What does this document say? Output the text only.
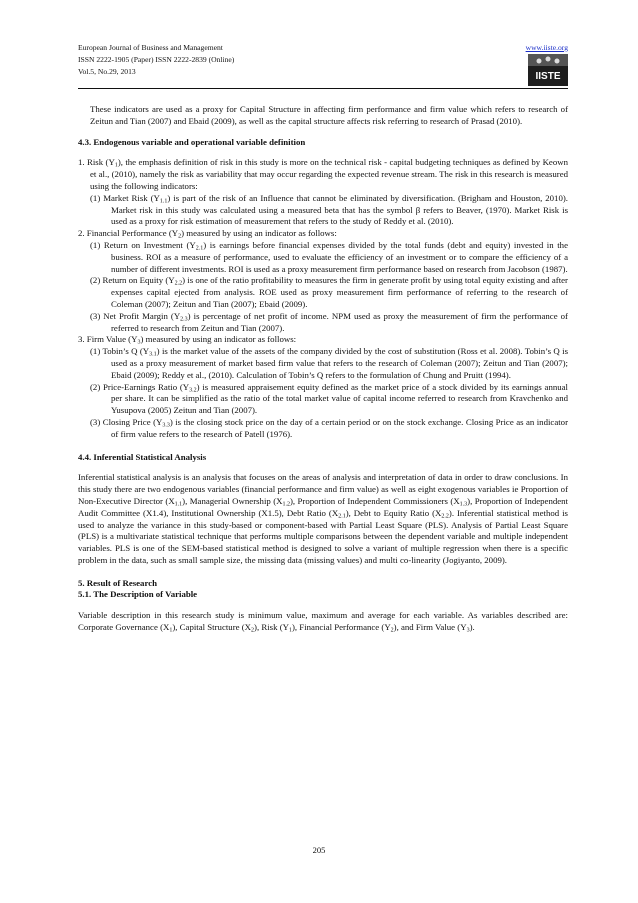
European Journal of Business and Management
ISSN 2222-1905 (Paper) ISSN 2222-2839 (Online)
Vol.5, No.29, 2013
www.iiste.org
IISTE

These indicators are used as a proxy for Capital Structure in affecting firm performance and firm value which refers to research of Zeitun and Tian (2007) and Ebaid (2009), as well as the capital structure affects risk referring to research of Prasad (2010).

4.3. Endogenous variable and operational variable definition

1. Risk $(Y_1)$, the emphasis definition of risk in this study is more on the technical risk - capital budgeting techniques as defined by Keown et al., (2010), namely the risk as variability that may occur regarding the expected revenue stream. The risk in this research is measured using the following indicators:

(1) Market Risk $(Y_{1.1})$ is part of the risk of an Influence that cannot be eliminated by diversification. (Brigham and Houston, 2010). Market risk in this study was calculated using a measured beta that has the symbol β refers to Beaver, (1970). Market Risk is used as a proxy for risk estimation of measurement that refers to the study of Reddy et al. (2010).

2. Financial Performance $(Y_2)$ measured by using an indicator as follows:

(1) Return on Investment $(Y_{2.1})$ is earnings before financial expenses divided by the total funds (debt and equity) invested in the business. ROI as a measure of performance, used to evaluate the efficiency of an investment or to compare the efficiency of a number of different investments. ROI is used as a proxy measurement firm performance based on research from Jacobson (1987).

(2) Return on Equity $(Y_{2.2})$ is one of the ratio profitability to measures the firm in generate profit by using total equity existing and after expenses capital ejected from analysis. ROE used as proxy measurement firm performance of referring to the research of Coleman (2007); Zeitun and Tian (2007); Ebaid (2009).

(3) Net Profit Margin $(Y_{2.3})$ is percentage of net profit of income. NPM used as proxy the measurement of firm the performance of referred to research from Zeitun and Tian (2007).

3. Firm Value $(Y_3)$ measured by using an indicator as follows:

(1) Tobin’s Q $(Y_{3.1})$ is the market value of the assets of the company divided by the cost of substitution (Ross et al. 2008). Tobin’s Q is used as a proxy measurement of market based firm value that refers to the research of Coleman (2007); Zeitun and Tian (2007); Ebaid (2009); Reddy et al., (2010). Calculation of Tobin’s Q refers to the formulation of Chung and Pruitt (1994).

(2) Price-Earnings Ratio $(Y_{3.2})$ is measured appraisement equity defined as the market price of a stock divided by its earnings annual per share. It can be simplified as the ratio of the total market value of capital income referred to research from Kravchenko and Yusupova (2005) Zeitun and Tian (2007).

(3) Closing Price $(Y_{3.3})$ is the closing stock price on the day of a certain period or on the stock exchange. Closing Price as an indicator of firm value refers to the research of Patell (1976).

4.4. Inferential Statistical Analysis

Inferential statistical analysis is an analysis that focuses on the areas of analysis and interpretation of data in order to draw conclusions. In this study there are two endogenous variables (financial performance and firm value) as well as eight exogenous variables ie Proportion of Non-Executive Director $(X_{1.1})$, Managerial Ownership $(X_{1.2})$, Proportion of Independent Commissioners $(X_{1.3})$, Proportion of Independent Audit Committee (X1.4), Institutional Ownership (X1.5), Debt Ratio $(X_{2.1})$, Debt to Equity Ratio $(X_{2.2})$. Inferential statistical method is used to analyze the variance in this study-based or component-based with Partial Least Square (PLS). Analysis of Partial Least Square (PLS) is a multivariate statistical technique that performs multiple comparisons between the dependent variable and multiple independent variables. PLS is one of the SEM-based statistical method is designed to solve a variant of multiple regression when there is a specific problem in the data, such as small sample size, the missing data (missing values) and multi co-linearity (Jogiyanto, 2009).

5. Result of Research

5.1. The Description of Variable

Variable description in this research study is minimum value, maximum and average for each variable. As variables described are: Corporate Governance $(X_1)$, Capital Structure $(X_2)$, Risk $(Y_1)$, Financial Performance $(Y_2)$, and Firm Value $(Y_3)$.

205
